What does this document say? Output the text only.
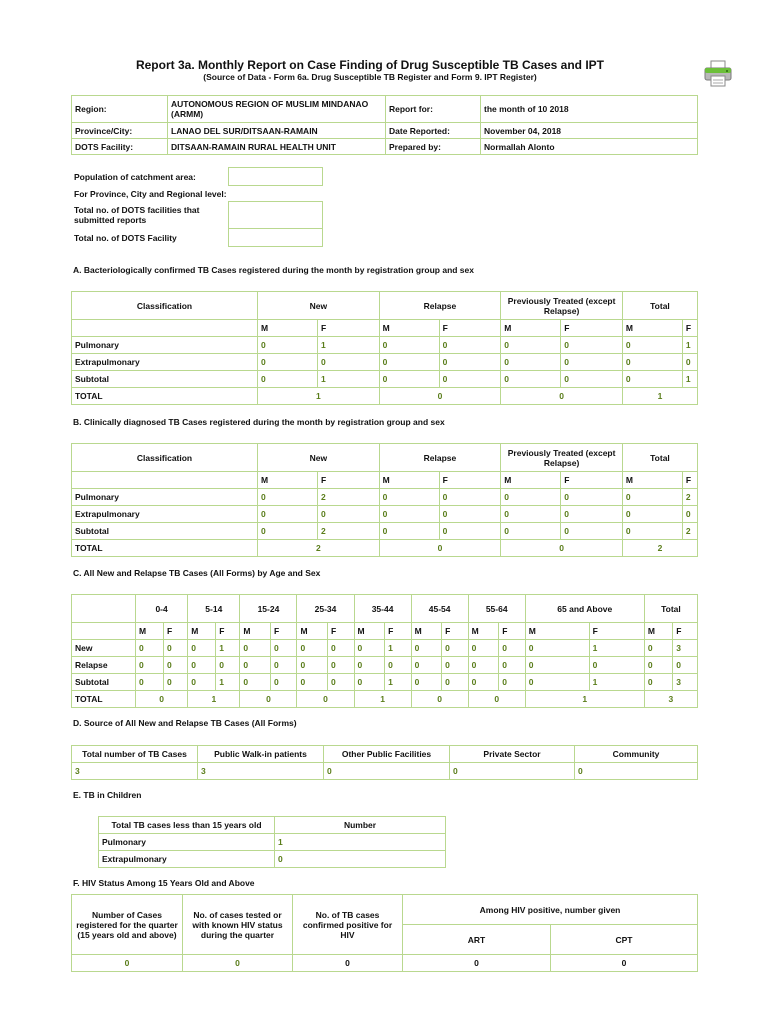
Report 3a. Monthly Report on Case Finding of Drug Susceptible TB Cases and IPT
(Source of Data - Form 6a. Drug Susceptible TB Register and Form 9. IPT Register)
Region:	AUTONOMOUS REGION OF MUSLIM MINDANAO (ARMM)	Report for:	the month of 10 2018
Province/City:	LANAO DEL SUR/DITSAAN-RAMAIN	Date Reported:	November 04, 2018
DOTS Facility:	DITSAAN-RAMAIN RURAL HEALTH UNIT	Prepared by:	Normallah Alonto
Population of catchment area:	
For Province, City and Regional level:	
Total no. of DOTS facilities that submitted reports	
Total no. of DOTS Facility	
A. Bacteriologically confirmed TB Cases registered during the month by registration group and sex
Classification	New		Relapse		Previously Treated (except Relapse)		Total	
	M	F	M	F	M	F	M	F
Pulmonary	0	1	0	0	0	0	0	1
Extrapulmonary	0	0	0	0	0	0	0	0
Subtotal	0	1	0	0	0	0	0	1
TOTAL	1		0		0		1	
B. Clinically diagnosed TB Cases registered during the month by registration group and sex
Classification	New		Relapse		Previously Treated (except Relapse)		Total	
	M	F	M	F	M	F	M	F
Pulmonary	0	2	0	0	0	0	0	2
Extrapulmonary	0	0	0	0	0	0	0	0
Subtotal	0	2	0	0	0	0	0	2
TOTAL	2		0		0		2	
C. All New and Relapse TB Cases (All Forms) by Age and Sex
	0-4		5-14		15-24		25-34		35-44		45-54		55-64		65 and Above		Total	
	M	F	M	F	M	F	M	F	M	F	M	F	M	F	M	F	M	F
New	0	0	0	1	0	0	0	0	0	1	0	0	0	0	0	1	0	3
Relapse	0	0	0	0	0	0	0	0	0	0	0	0	0	0	0	0	0	0
Subtotal	0	0	0	1	0	0	0	0	0	1	0	0	0	0	0	1	0	3
TOTAL	0		1		0		0		1		0		0		1		3	
D. Source of All New and Relapse TB Cases (All Forms)
Total number of TB Cases	Public Walk-in patients	Other Public Facilities	Private Sector	Community
3	3	0	0	0
E. TB in Children
Total TB cases less than 15 years old	Number
Pulmonary	1
Extrapulmonary	0
F. HIV Status Among 15 Years Old and Above
Number of Cases registered for the quarter (15 years old and above)	No. of cases tested or with known HIV status during the quarter	No. of TB cases confirmed positive for HIV	Among HIV positive, number given	
			ART	CPT
0	0	0	0	0
